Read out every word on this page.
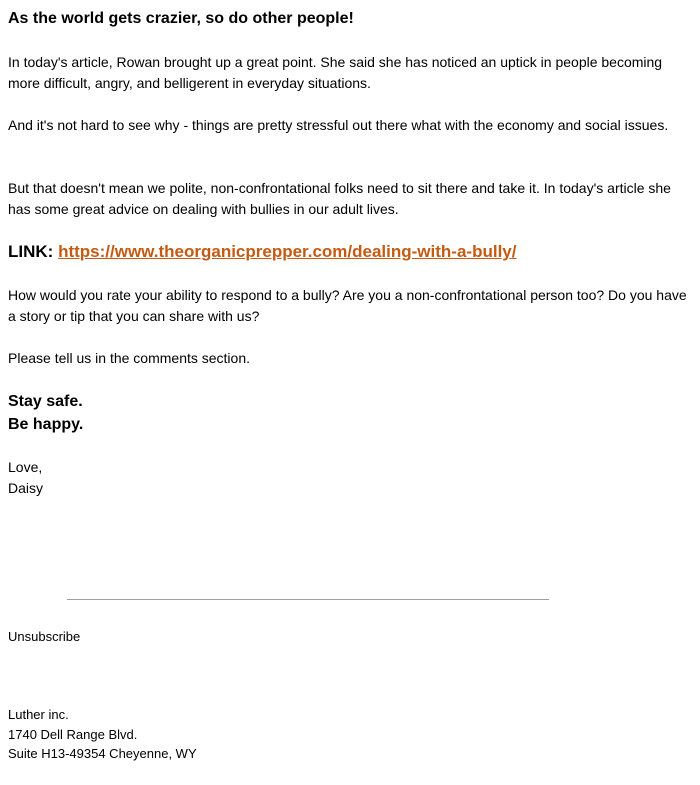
As the world gets crazier, so do other people!
In today's article, Rowan brought up a great point. She said she has noticed an uptick in people becoming more difficult, angry, and belligerent in everyday situations.
And it's not hard to see why - things are pretty stressful out there what with the economy and social issues.
But that doesn't mean we polite, non-confrontational folks need to sit there and take it. In today's article she has some great advice on dealing with bullies in our adult lives.
LINK: https://www.theorganicprepper.com/dealing-with-a-bully/
How would you rate your ability to respond to a bully? Are you a non-confrontational person too? Do you have a story or tip that you can share with us?
Please tell us in the comments section.
Stay safe.
Be happy.
Love,
Daisy
Unsubscribe
Luther inc.
1740 Dell Range Blvd.
Suite H13-49354 Cheyenne, WY
